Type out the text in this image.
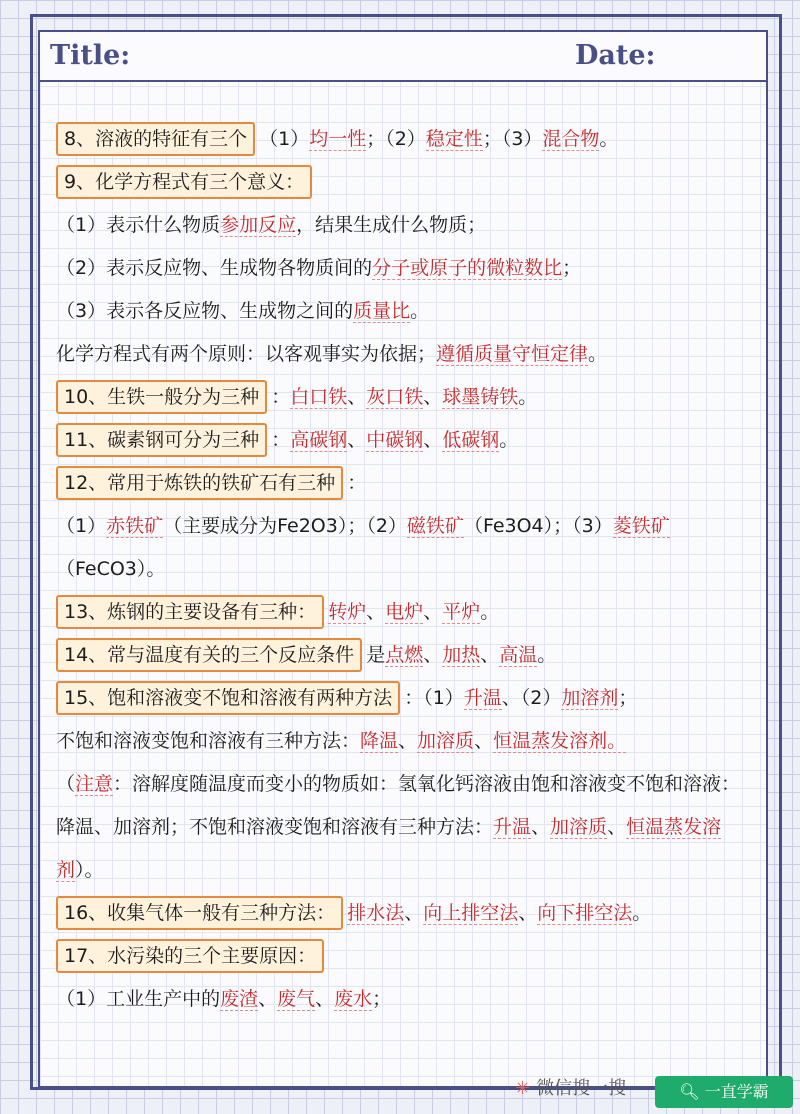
Title:	Date:
8、溶液的特征有三个 （1）均一性；（2）稳定性；（3）混合物。
9、化学方程式有三个意义：
（1）表示什么物质参加反应，结果生成什么物质；
（2）表示反应物、生成物各物质间的分子或原子的微粒数比；
（3）表示各反应物、生成物之间的质量比。
化学方程式有两个原则：以客观事实为依据；遵循质量守恒定律。
10、生铁一般分为三种 ：白口铁、灰口铁、球墨铸铁。
11、碳素钢可分为三种 ：高碳钢、中碳钢、低碳钢。
12、常用于炼铁的铁矿石有三种 ：
（1）赤铁矿（主要成分为Fe2O3）；（2）磁铁矿（Fe3O4）；（3）菱铁矿（FeCO3）。
13、炼钢的主要设备有三种： 转炉、电炉、平炉。
14、常与温度有关的三个反应条件 是点燃、加热、高温。
15、饱和溶液变不饱和溶液有两种方法 ：（1）升温、（2）加溶剂；
不饱和溶液变饱和溶液有三种方法：降温、加溶质、恒温蒸发溶剂。
（注意：溶解度随温度而变小的物质如：氢氧化钙溶液由饱和溶液变不饱和溶液：降温、加溶剂；不饱和溶液变饱和溶液有三种方法：升温、加溶质、恒温蒸发溶剂）。
16、收集气体一般有三种方法： 排水法、向上排空法、向下排空法。
17、水污染的三个主要原因：
（1）工业生产中的废渣、废气、废水；
✳ 微信搜一搜	🔍︎ 一直学霸
